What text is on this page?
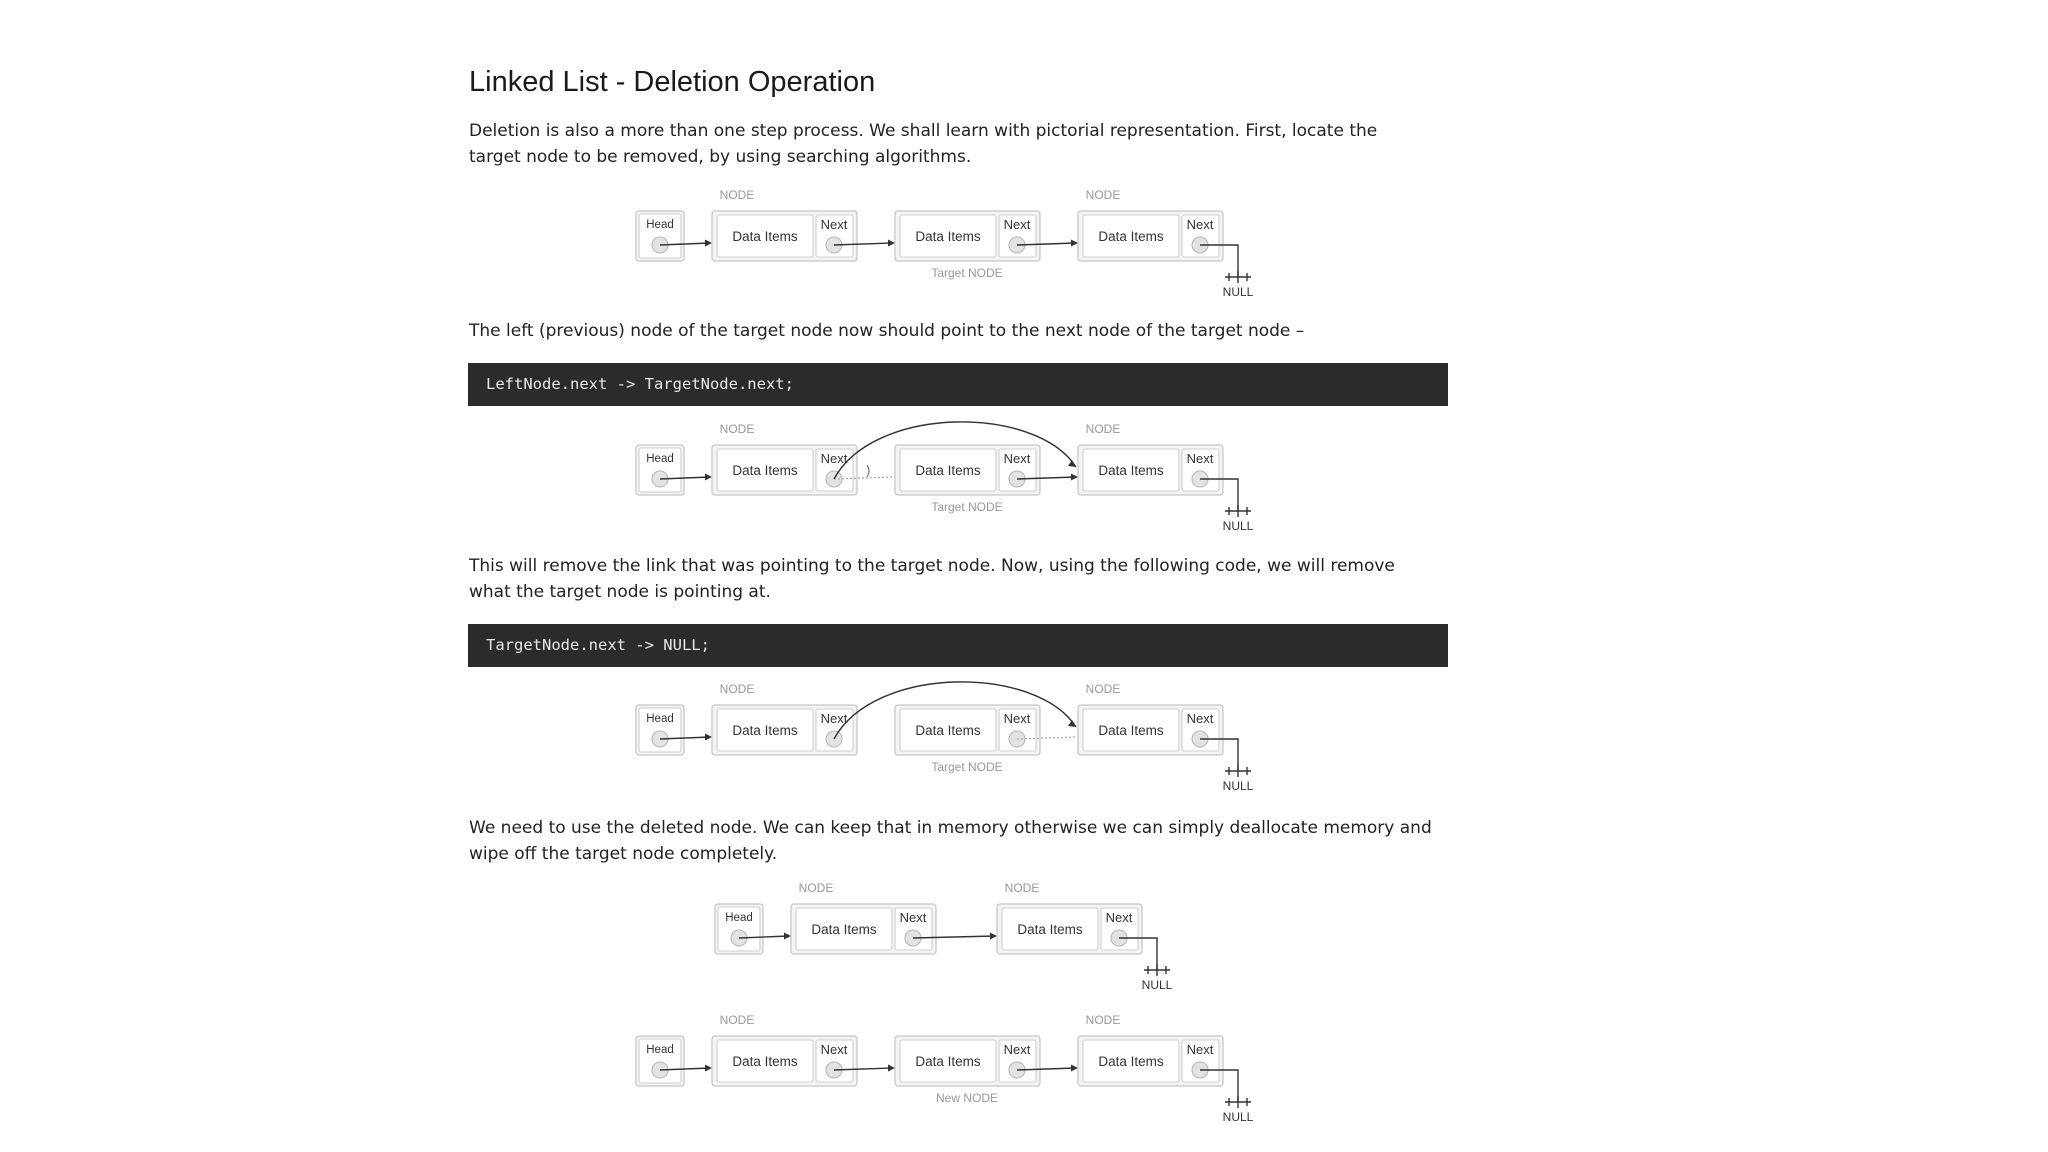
Linked List - Deletion Operation

Deletion is also a more than one step process. We shall learn with pictorial representation. First, locate the
target node to be removed, by using searching algorithms.

Head
Data Items
Next
NODE
Data Items
Next
Target NODE
Data Items
Next
NODE
NULL

The left (previous) node of the target node now should point to the next node of the target node –

LeftNode.next -> TargetNode.next;
Head
Data Items
Next
NODE
Data Items
Next
Target NODE
Data Items
Next
NODE
NULL

This will remove the link that was pointing to the target node. Now, using the following code, we will remove
what the target node is pointing at.

TargetNode.next -> NULL;
Head
Data Items
Next
NODE
Data Items
Next
Target NODE
Data Items
Next
NODE
NULL

We need to use the deleted node. We can keep that in memory otherwise we can simply deallocate memory and
wipe off the target node completely.

Head
Data Items
Next
NODE
Data Items
Next
NODE
NULL
Head
Data Items
Next
NODE
Data Items
Next
New NODE
Data Items
Next
NODE
NULL
